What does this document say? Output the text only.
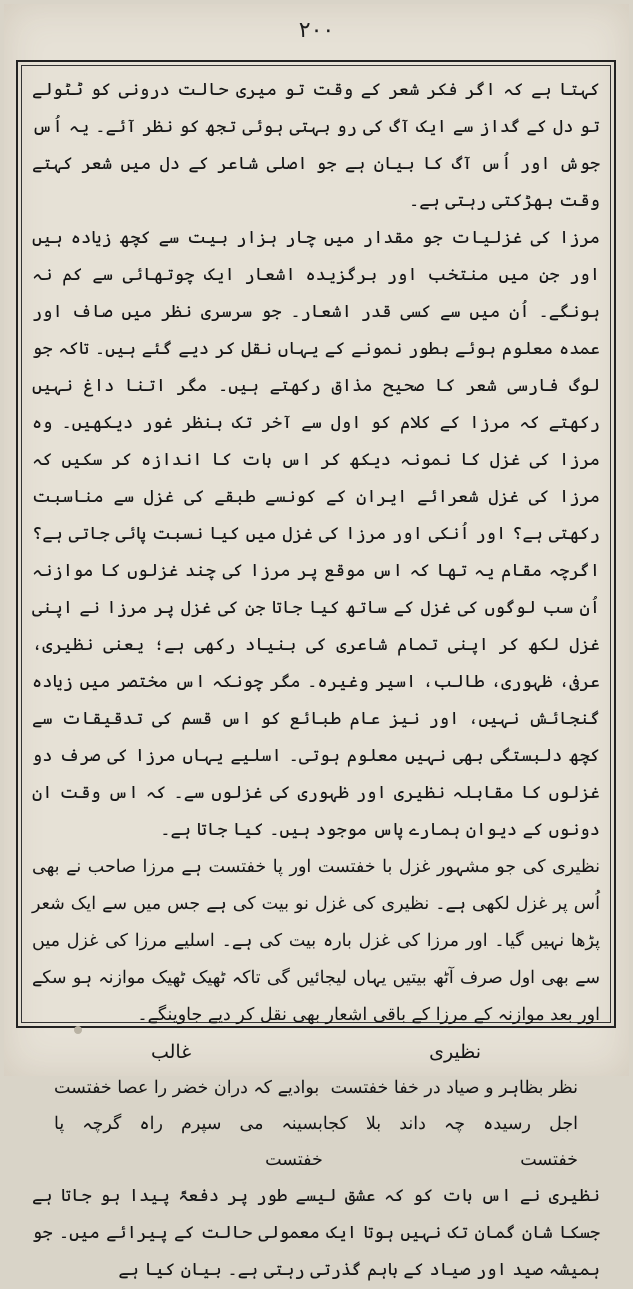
۲۰۰

کہتا ہے کہ اگر فکر شعر کے وقت تو میری حالت درونی کو ٹٹولے تو دل کے گداز سے ایک آگ کی رو بہتی ہوئی تجھ کو نظر آئے۔ یہ اُس جوش اور اُس آگ کا بیان ہے جو اصلی شاعر کے دل میں شعر کہتے وقت بھڑکتی رہتی ہے۔

مرزا کی غزلیات جو مقدار میں چار ہزار بیت سے کچھ زیادہ ہیں اور جن میں منتخب اور برگزیدہ اشعار ایک چوتھائی سے کم نہ ہونگے۔ اُن میں سے کسی قدر اشعار۔ جو سرسری نظر میں صاف اور عمدہ معلوم ہوئے بطور نمونے کے یہاں نقل کر دیے گئے ہیں۔ تاکہ جو لوگ فارسی شعر کا صحیح مذاق رکھتے ہیں۔ مگر اتنا داغ نہیں رکھتے کہ مرزا کے کلام کو اول سے آخر تک بنظر غور دیکھیں۔ وہ مرزا کی غزل کا نمونہ دیکھ کر اس بات کا اندازہ کر سکیں کہ مرزا کی غزل شعرائے ایران کے کونسے طبقے کی غزل سے مناسبت رکھتی ہے؟ اور اُنکی اور مرزا کی غزل میں کیا نسبت پائی جاتی ہے؟ اگرچہ مقام یہ تھا کہ اس موقع پر مرزا کی چند غزلوں کا موازنہ اُن سب لوگوں کی غزل کے ساتھ کیا جاتا جن کی غزل پر مرزا نے اپنی غزل لکھ کر اپنی تمام شاعری کی بنیاد رکھی ہے؛ یعنی نظیری، عرفی، ظہوری، طالب، اسیر وغیرہ۔ مگر چونکہ اس مختصر میں زیادہ گنجائش نہیں، اور نیز عام طبائع کو اس قسم کی تدقیقات سے کچھ دلبستگی بھی نہیں معلوم ہوتی۔ اسلیے یہاں مرزا کی صرف دو غزلوں کا مقابلہ نظیری اور ظہوری کی غزلوں سے۔ کہ اس وقت ان دونوں کے دیوان ہمارے پاس موجود ہیں۔ کیا جاتا ہے۔

نظیری کی جو مشہور غزل با خفتست اور پا خفتست ہے مرزا صاحب نے بھی اُس پر غزل لکھی ہے۔ نظیری کی غزل نو بیت کی ہے جس میں سے ایک شعر پڑھا نہیں گیا۔ اور مرزا کی غزل بارہ بیت کی ہے۔ اسلیے مرزا کی غزل میں سے بھی اول صرف آٹھ بیتیں یہاں لیجائیں گی تاکہ ٹھیک ٹھیک موازنہ ہو سکے اور بعد موازنہ کے مرزا کے باقی اشعار بھی نقل کر دیے جاوینگے۔

نظیری
غالب
نظر بظاہر و صیاد در خفا خفتست
بوادیے کہ دران خضر را عصا خفتست
اجل رسیدہ چہ داند بلا کجا خفتست
بسینہ می سپرم راہ گرچہ پا خفتست

نظیری نے اس بات کو کہ عشق لیسے طور پر دفعۃً پیدا ہو جاتا ہے جسکا شان گمان تک نہیں ہوتا ایک معمولی حالت کے پیرائے میں۔ جو ہمیشہ صید اور صیاد کے باہم گذرتی رہتی ہے۔ بیان کیا ہے
